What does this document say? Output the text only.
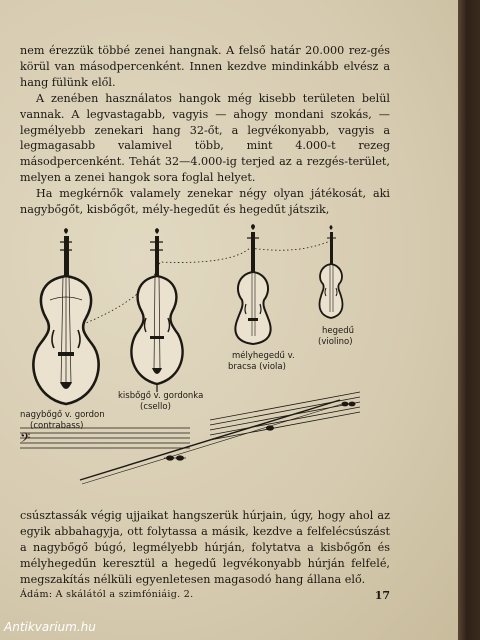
nem érezzük többé zenei hangnak. A felső határ 20.000 rez-gés körül van másodpercenként. Innen kezdve mindinkább elvész a hang fülünk elől.

A zenében használatos hangok még kisebb területen belül vannak. A legvastagabb, vagyis — ahogy mondani szokás, — legmélyebb zenekari hang 32-őt, a legvékonyabb, vagyis a legmagasabb valamivel több, mint 4.000-t rezeg másodpercenként. Tehát 32—4.000-ig terjed az a rezgés-terület, melyen a zenei hangok sora foglal helyet.

Ha megkérnők valamely zenekar négy olyan játékosát, aki nagybőgőt, kisbőgőt, mély-hegedűt és hegedűt játszik,

nagybőgő v. gordon
(contrabass)
kisbőgő v. gordonka
(csello)
mélyhegedű v.
bracsa (viola)
hegedű
(violino)
𝄢

csúsztassák végig ujjaikat hangszerük húrjain, úgy, hogy ahol az egyik abbahagyja, ott folytassa a másik, kezdve a felfelécsúszást a nagybőgő búgó, legmélyebb húrján, folytatva a kisbőgőn és mélyhegedűn keresztül a hegedű legvékonyabb húrján felfelé, megszakítás nélküli egyenletesen magasodó hang állana elő.

Ádám: A skálától a szimfóniáig. 2.	17
Antikvarium.hu
